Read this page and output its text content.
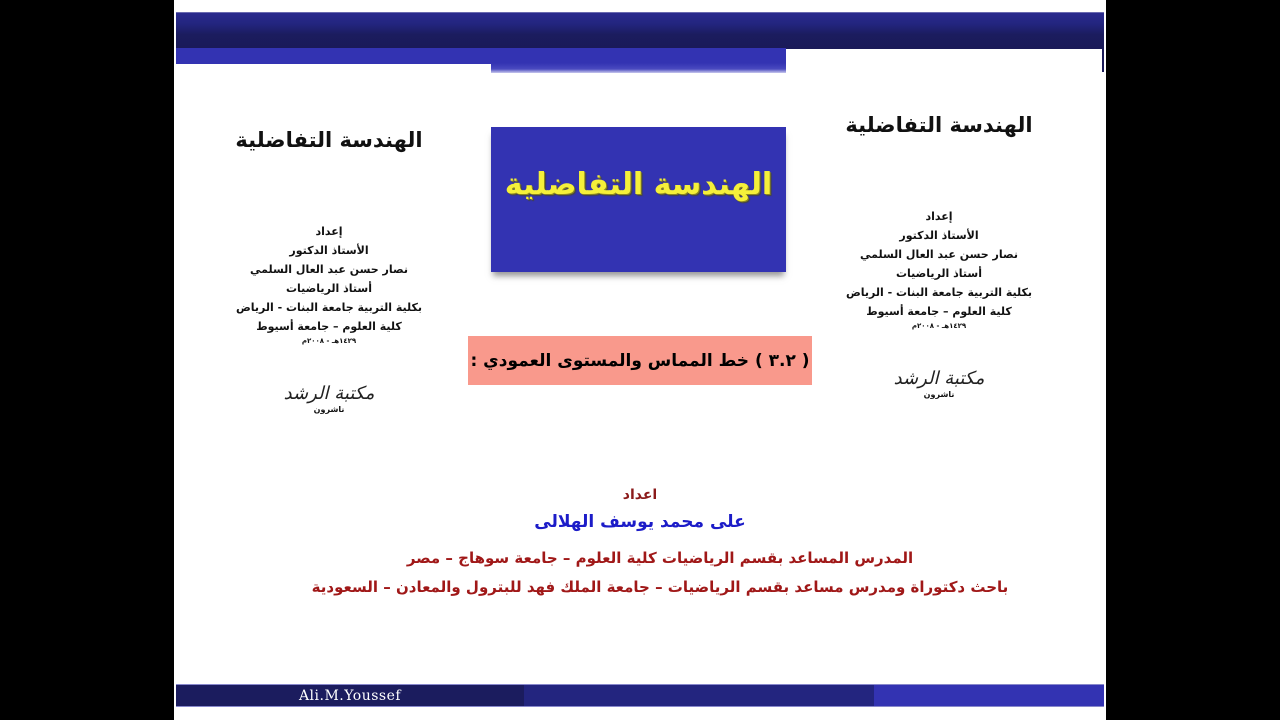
الهندسة التفاضلية
إعداد
الأستاذ الدكتور
نصار حسن عبد العال السلمي
أستاذ الرياضيات
بكلية التربية جامعة البنات - الرياض
كلية العلوم – جامعة أسيوط
١٤٢٩هـ - ٢٠٠٨م
مكتبة الرشد
ناشرون
الهندسة التفاضلية
إعداد
الأستاذ الدكتور
نصار حسن عبد العال السلمي
أستاذ الرياضيات
بكلية التربية جامعة البنات - الرياض
كلية العلوم – جامعة أسيوط
١٤٢٩هـ - ٢٠٠٨م
مكتبة الرشد
ناشرون
الهندسة التفاضلية
( ٣.٢ ) خط المماس والمستوى العمودي :
اعداد
على محمد يوسف الهلالى
المدرس المساعد بقسم الرياضيات كلية العلوم – جامعة سوهاج – مصر
باحث دكتوراة ومدرس مساعد بقسم الرياضيات – جامعة الملك فهد للبترول والمعادن – السعودية
Ali.M.Youssef
